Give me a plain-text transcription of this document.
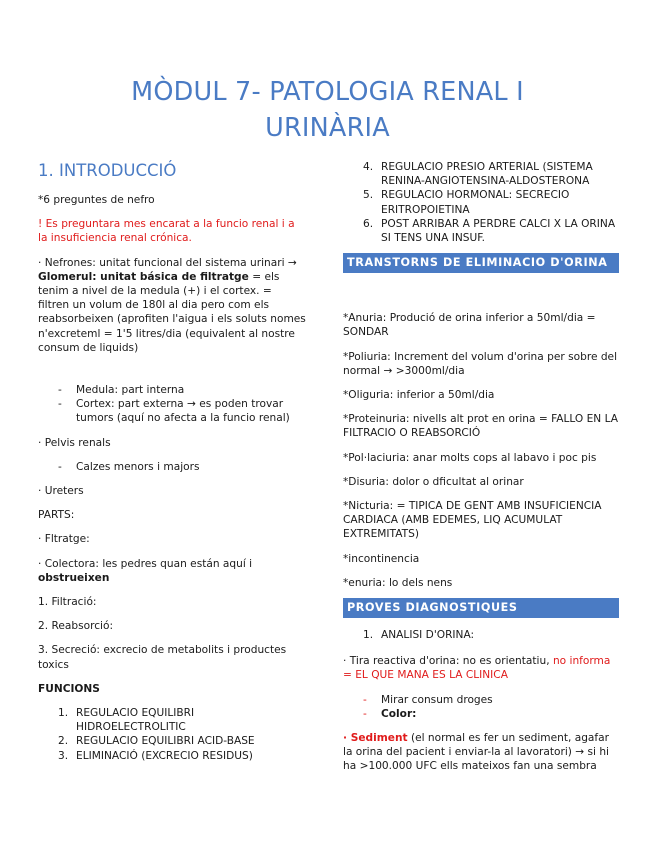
MÒDUL 7- PATOLOGIA RENAL I
URINÀRIA
1. INTRODUCCIÓ

*6 preguntes de nefro

! Es preguntara mes encarat a la funcio renal i a la insuficiencia renal crónica.

· Nefrones: unitat funcional del sistema urinari → Glomerul: unitat básica de filtratge = els tenim a nivel de la medula (+) i el cortex. = filtren un volum de 180l al dia pero com els reabsorbeixen (aprofiten l'aigua i els soluts nomes n'excreteml = 1'5 litres/dia (equivalent al nostre consum de liquids)

- Medula: part interna
- Cortex: part externa → es poden trovar tumors (aquí no afecta a la funcio renal)

· Pelvis renals

- Calzes menors i majors

· Ureters

PARTS:

· Fltratge:

· Colectora: les pedres quan están aquí i obstrueixen

1. Filtració:

2. Reabsorció:

3. Secreció: excrecio de metabolits i productes toxics

FUNCIONS

1. REGULACIO EQUILIBRI HIDROELECTROLITIC
2. REGULACIO EQUILIBRI ACID-BASE
3. ELIMINACIÓ (EXCRECIO RESIDUS)
4. REGULACIO PRESIO ARTERIAL (SISTEMA RENINA-ANGIOTENSINA-ALDOSTERONA
5. REGULACIO HORMONAL: SECRECIO ERITROPOIETINA
6. POST ARRIBAR A PERDRE CALCI X LA ORINA SI TENS UNA INSUF.
TRANSTORNS DE ELIMINACIO D'ORINA

*Anuria: Produció de orina inferior a 50ml/dia = SONDAR

*Poliuria: Increment del volum d'orina per sobre del normal → >3000ml/dia

*Oliguria: inferior a 50ml/dia

*Proteinuria: nivells alt prot en orina = FALLO EN LA FILTRACIO O REABSORCIÓ

*Pol·laciuria: anar molts cops al labavo i poc pis

*Disuria: dolor o dficultat al orinar

*Nicturia: = TIPICA DE GENT AMB INSUFICIENCIA CARDIACA (AMB EDEMES, LIQ ACUMULAT EXTREMITATS)

*incontinencia

*enuria: lo dels nens

PROVES DIAGNOSTIQUES
1. ANALISI D'ORINA:

· Tira reactiva d'orina: no es orientatiu, no informa = EL QUE MANA ES LA CLINICA

- Mirar consum droges
- Color:

· Sediment (el normal es fer un sediment, agafar la orina del pacient i enviar-la al lavoratori) → si hi ha >100.000 UFC ells mateixos fan una sembra
